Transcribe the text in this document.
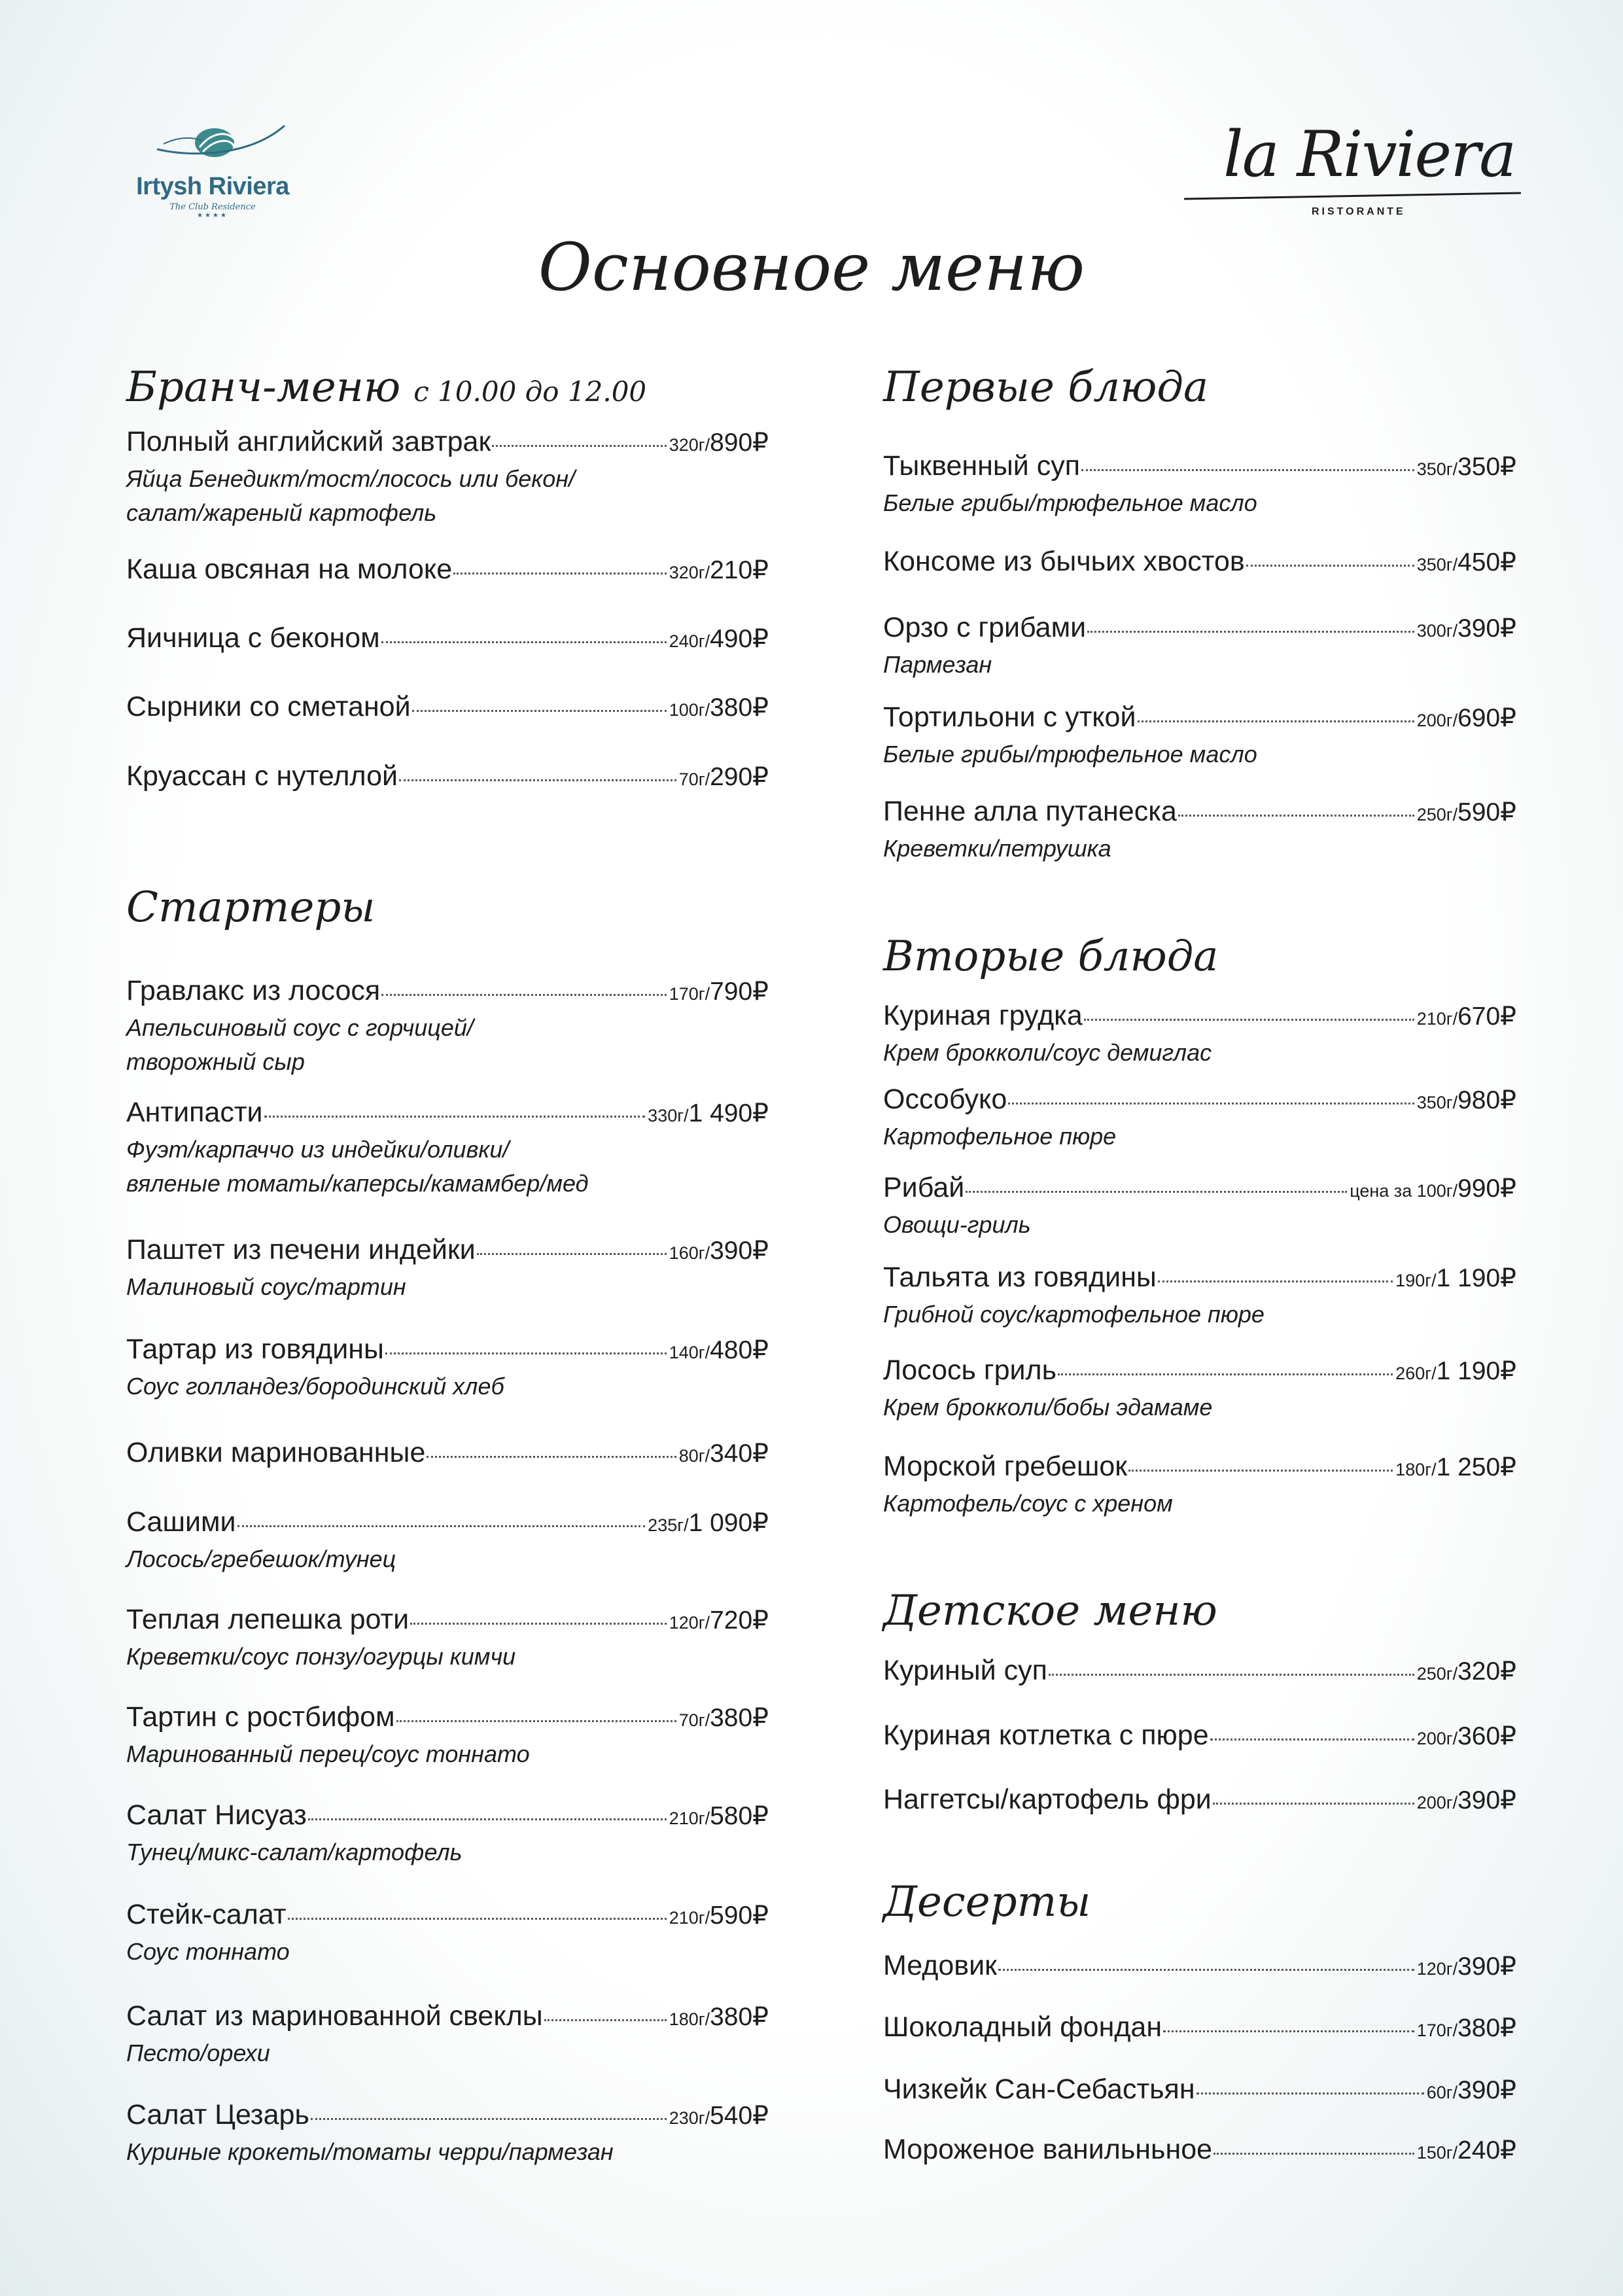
Irtysh Riviera
The Club Residence
★★★★
la Riviera
RISTORANTE
Основное меню
Бранч-меню с 10.00 до 12.00
Полный английский завтрак	320г/ 890₽
Яйца Бенедикт/тост/лосось или бекон/
салат/жареный картофель
Каша овсяная на молоке	320г/ 210₽
Яичница с беконом	240г/ 490₽
Сырники со сметаной	100г/ 380₽
Круассан с нутеллой	70г/ 290₽
Стартеры
Гравлакс из лосося	170г/ 790₽
Апельсиновый соус с горчицей/
творожный сыр
Антипасти	330г/ 1 490₽
Фуэт/карпаччо из индейки/оливки/
вяленые томаты/каперсы/камамбер/мед
Паштет из печени индейки	160г/ 390₽
Малиновый соус/тартин
Тартар из говядины	140г/ 480₽
Соус голландез/бородинский хлеб
Оливки маринованные	80г/ 340₽
Сашими	235г/ 1 090₽
Лосось/гребешок/тунец
Теплая лепешка роти	120г/ 720₽
Креветки/соус понзу/огурцы кимчи
Тартин с ростбифом	70г/ 380₽
Маринованный перец/соус тоннато
Салат Нисуаз	210г/ 580₽
Тунец/микс-салат/картофель
Стейк-салат	210г/ 590₽
Соус тоннато
Салат из маринованной свеклы	180г/ 380₽
Песто/орехи
Салат Цезарь	230г/ 540₽
Куриные крокеты/томаты черри/пармезан
Первые блюда
Тыквенный суп	350г/ 350₽
Белые грибы/трюфельное масло
Консоме из бычьих хвостов	350г/ 450₽
Орзо с грибами	300г/ 390₽
Пармезан
Тортильони с уткой	200г/ 690₽
Белые грибы/трюфельное масло
Пенне алла путанеска	250г/ 590₽
Креветки/петрушка
Вторые блюда
Куриная грудка	210г/ 670₽
Крем брокколи/соус демиглас
Оссобуко	350г/ 980₽
Картофельное пюре
Рибай	цена за 100г/ 990₽
Овощи-гриль
Тальята из говядины	190г/ 1 190₽
Грибной соус/картофельное пюре
Лосось гриль	260г/ 1 190₽
Крем брокколи/бобы эдамаме
Морской гребешок	180г/ 1 250₽
Картофель/соус с хреном
Детское меню
Куриный суп	250г/ 320₽
Куриная котлетка с пюре	200г/ 360₽
Наггетсы/картофель фри	200г/ 390₽
Десерты
Медовик	120г/ 390₽
Шоколадный фондан	170г/ 380₽
Чизкейк Сан-Себастьян	60г/ 390₽
Мороженое ванильньное	150г/ 240₽
